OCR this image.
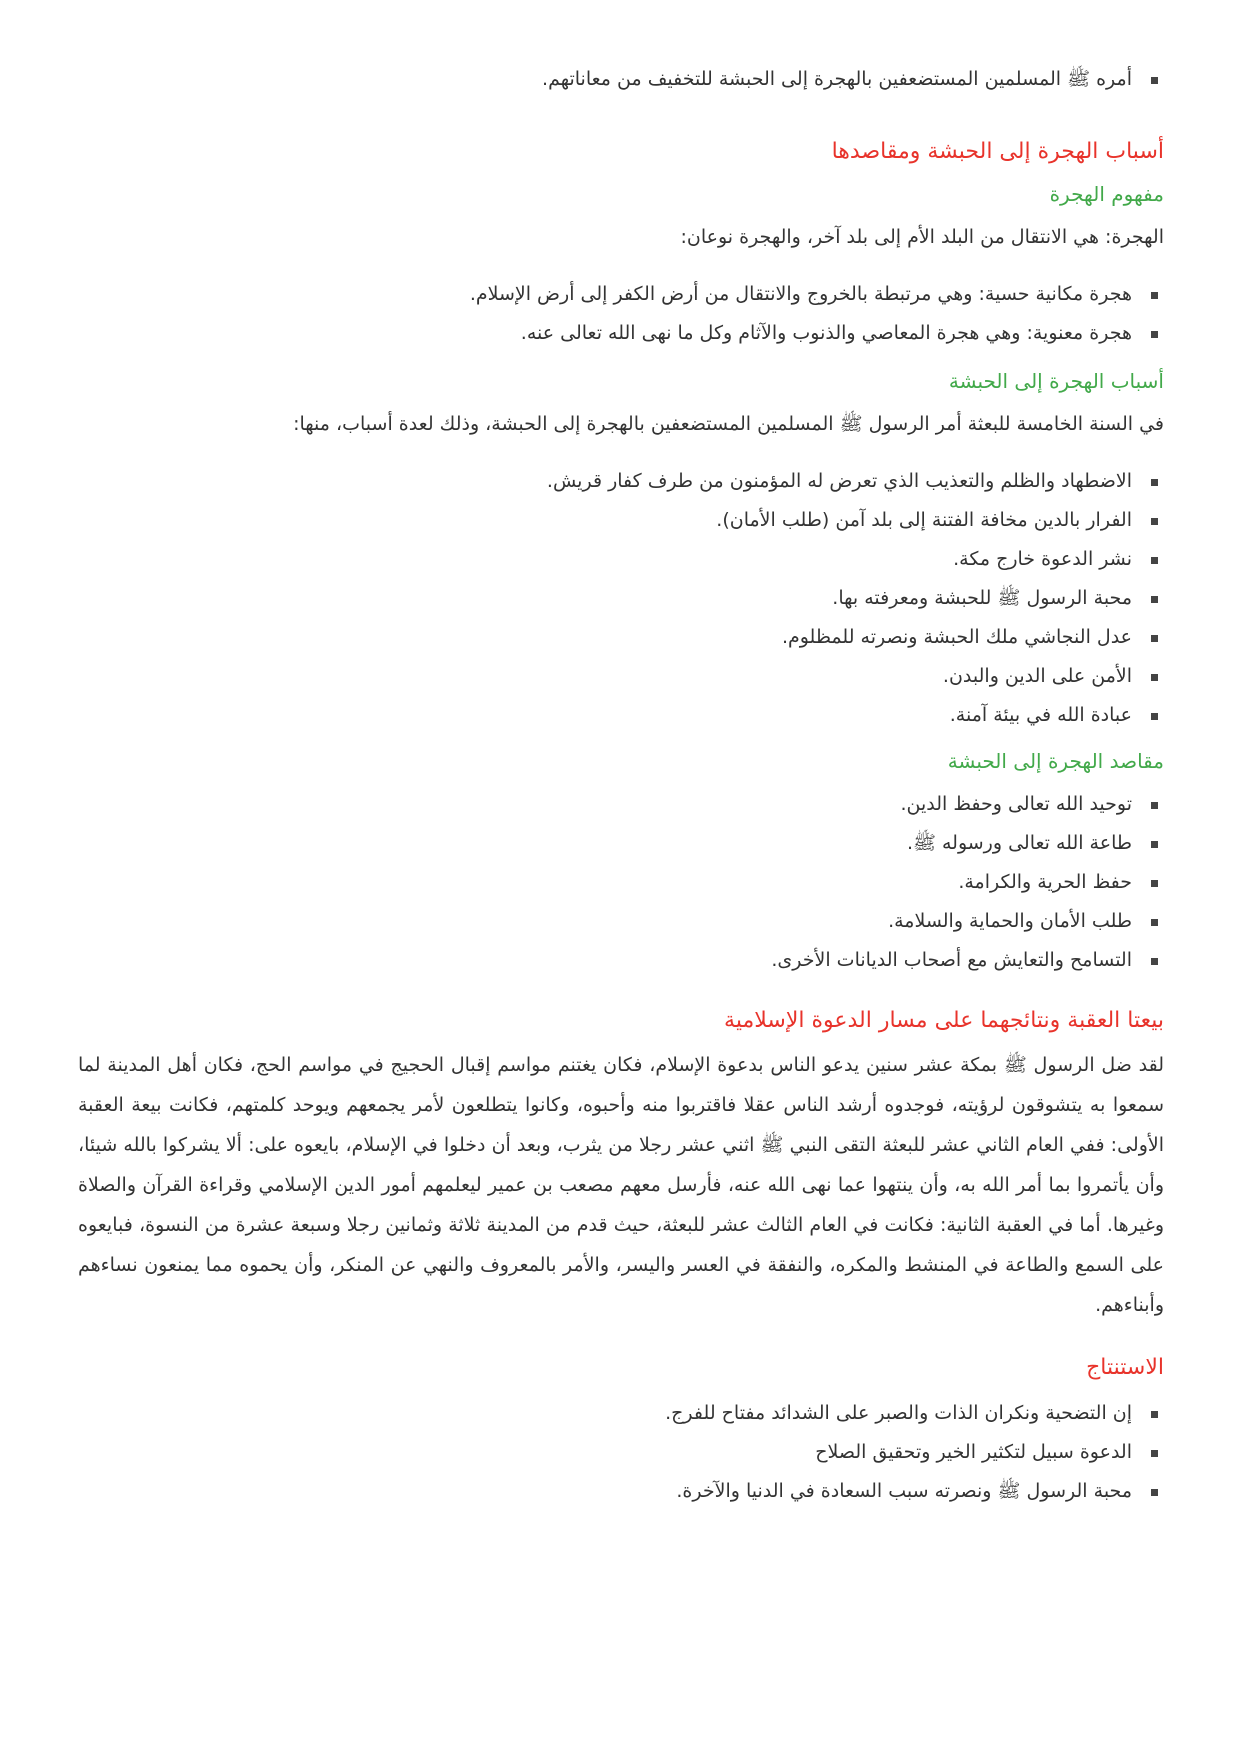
أمره ﷺ المسلمين المستضعفين بالهجرة إلى الحبشة للتخفيف من معاناتهم.
أسباب الهجرة إلى الحبشة ومقاصدها
مفهوم الهجرة

الهجرة: هي الانتقال من البلد الأم إلى بلد آخر، والهجرة نوعان:

هجرة مكانية حسية: وهي مرتبطة بالخروج والانتقال من أرض الكفر إلى أرض الإسلام.
هجرة معنوية: وهي هجرة المعاصي والذنوب والآثام وكل ما نهى الله تعالى عنه.
أسباب الهجرة إلى الحبشة

في السنة الخامسة للبعثة أمر الرسول ﷺ المسلمين المستضعفين بالهجرة إلى الحبشة، وذلك لعدة أسباب، منها:

الاضطهاد والظلم والتعذيب الذي تعرض له المؤمنون من طرف كفار قريش.
الفرار بالدين مخافة الفتنة إلى بلد آمن (طلب الأمان).
نشر الدعوة خارج مكة.
محبة الرسول ﷺ للحبشة ومعرفته بها.
عدل النجاشي ملك الحبشة ونصرته للمظلوم.
الأمن على الدين والبدن.
عبادة الله في بيئة آمنة.
مقاصد الهجرة إلى الحبشة
توحيد الله تعالى وحفظ الدين.
طاعة الله تعالى ورسوله ﷺ.
حفظ الحرية والكرامة.
طلب الأمان والحماية والسلامة.
التسامح والتعايش مع أصحاب الديانات الأخرى.
بيعتا العقبة ونتائجهما على مسار الدعوة الإسلامية

لقد ضل الرسول ﷺ بمكة عشر سنين يدعو الناس بدعوة الإسلام، فكان يغتنم مواسم إقبال الحجيج في مواسم الحج، فكان أهل المدينة لما سمعوا به يتشوقون لرؤيته، فوجدوه أرشد الناس عقلا فاقتربوا منه وأحبوه، وكانوا يتطلعون لأمر يجمعهم ويوحد كلمتهم، فكانت بيعة العقبة الأولى: ففي العام الثاني عشر للبعثة التقى النبي ﷺ اثني عشر رجلا من يثرب، وبعد أن دخلوا في الإسلام، بايعوه على: ألا يشركوا بالله شيئا، وأن يأتمروا بما أمر الله به، وأن ينتهوا عما نهى الله عنه، فأرسل معهم مصعب بن عمير ليعلمهم أمور الدين الإسلامي وقراءة القرآن والصلاة وغيرها. أما في العقبة الثانية: فكانت في العام الثالث عشر للبعثة، حيث قدم من المدينة ثلاثة وثمانين رجلا وسبعة عشرة من النسوة، فبايعوه على السمع والطاعة في المنشط والمكره، والنفقة في العسر واليسر، والأمر بالمعروف والنهي عن المنكر، وأن يحموه مما يمنعون نساءهم وأبناءهم.

الاستنتاج
إن التضحية ونكران الذات والصبر على الشدائد مفتاح للفرج.
الدعوة سبيل لتكثير الخير وتحقيق الصلاح
محبة الرسول ﷺ ونصرته سبب السعادة في الدنيا والآخرة.
